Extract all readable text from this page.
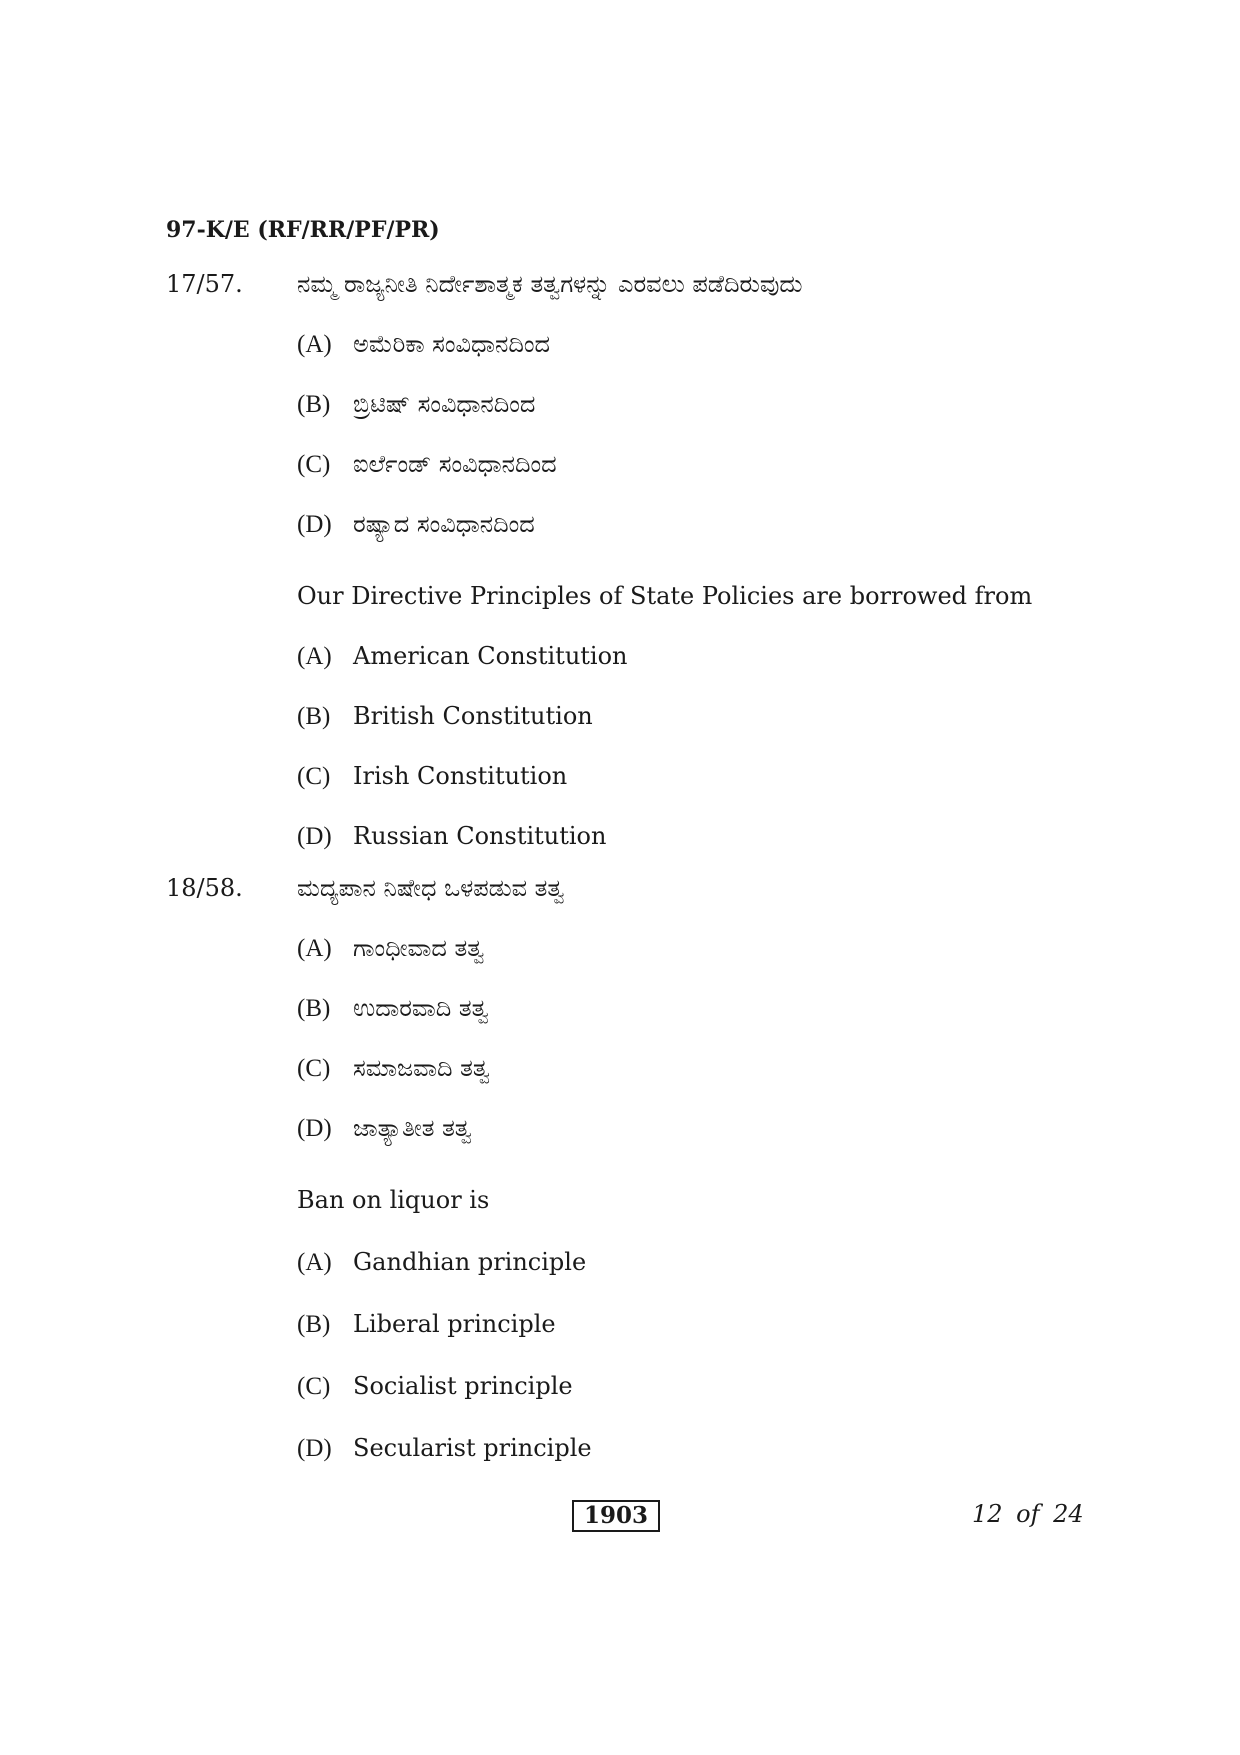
97-K/E (RF/RR/PF/PR)
17/57. ನಮ್ಮ ರಾಜ್ಯನೀತಿ ನಿರ್ದೇಶಾತ್ಮಕ ತತ್ವಗಳನ್ನು ಎರವಲು ಪಡೆದಿರುವುದು
(A) ಅಮೆರಿಕಾ ಸಂವಿಧಾನದಿಂದ
(B) ಬ್ರಿಟಿಷ್ ಸಂವಿಧಾನದಿಂದ
(C) ಐರ್ಲೆಂಡ್ ಸಂವಿಧಾನದಿಂದ
(D) ರಷ್ಯಾದ ಸಂವಿಧಾನದಿಂದ
Our Directive Principles of State Policies are borrowed from
(A) American Constitution
(B) British Constitution
(C) Irish Constitution
(D) Russian Constitution
18/58. ಮದ್ಯಪಾನ ನಿಷೇಧ ಒಳಪಡುವ ತತ್ವ
(A) ಗಾಂಧೀವಾದ ತತ್ವ
(B) ಉದಾರವಾದಿ ತತ್ವ
(C) ಸಮಾಜವಾದಿ ತತ್ವ
(D) ಜಾತ್ಯಾತೀತ ತತ್ವ
Ban on liquor is
(A) Gandhian principle
(B) Liberal principle
(C) Socialist principle
(D) Secularist principle
1903	12 of 24
